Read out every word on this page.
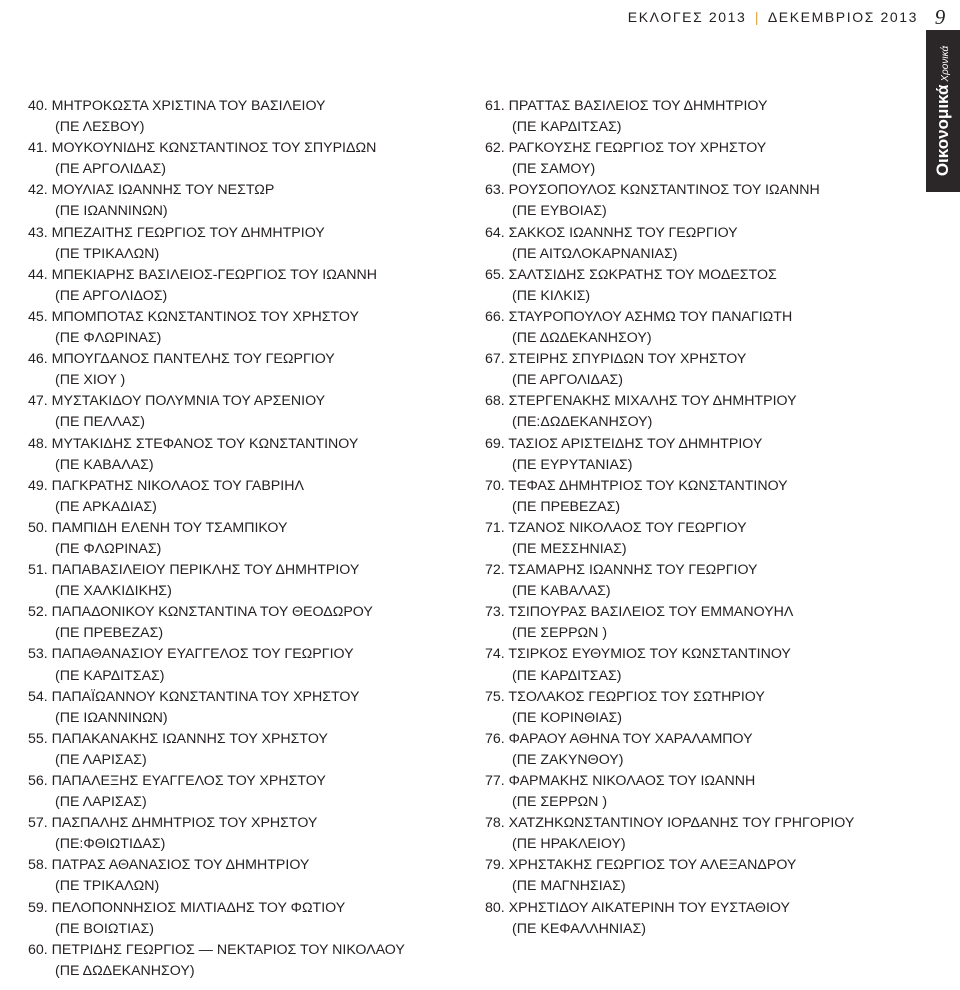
ΕΚΛΟΓΕΣ 2013 | ΔΕΚΕΜΒΡΙΟΣ 2013 9
ΟικονομικάΧρονικά
40. ΜΗΤΡΟΚΩΣΤΑ ΧΡΙΣΤΙΝΑ ΤΟΥ ΒΑΣΙΛΕΙΟΥ
(ΠΕ ΛΕΣΒΟΥ)
41. ΜΟΥΚΟΥΝΙΔΗΣ ΚΩΝΣΤΑΝΤΙΝΟΣ ΤΟΥ ΣΠΥΡΙΔΩΝ
(ΠΕ ΑΡΓΟΛΙΔΑΣ)
42. ΜΟΥΛΙΑΣ ΙΩΑΝΝΗΣ ΤΟΥ ΝΕΣΤΩΡ
(ΠΕ ΙΩΑΝΝΙΝΩΝ)
43. ΜΠΕΖΑΙΤΗΣ ΓΕΩΡΓΙΟΣ ΤΟΥ ΔΗΜΗΤΡΙΟΥ
(ΠΕ ΤΡΙΚΑΛΩΝ)
44. ΜΠΕΚΙΑΡΗΣ ΒΑΣΙΛΕΙΟΣ-ΓΕΩΡΓΙΟΣ ΤΟΥ ΙΩΑΝΝΗ
(ΠΕ ΑΡΓΟΛΙΔΟΣ)
45. ΜΠΟΜΠΟΤΑΣ ΚΩΝΣΤΑΝΤΙΝΟΣ ΤΟΥ ΧΡΗΣΤΟΥ
(ΠΕ ΦΛΩΡΙΝΑΣ)
46. ΜΠΟΥΓΔΑΝΟΣ ΠΑΝΤΕΛΗΣ ΤΟΥ ΓΕΩΡΓΙΟΥ
(ΠΕ ΧΙΟΥ )
47. ΜΥΣΤΑΚΙΔΟΥ ΠΟΛΥΜΝΙΑ ΤΟΥ ΑΡΣΕΝΙΟΥ
(ΠΕ ΠΕΛΛΑΣ)
48. ΜΥΤΑΚΙΔΗΣ ΣΤΕΦΑΝΟΣ ΤΟΥ ΚΩΝΣΤΑΝΤΙΝΟΥ
(ΠΕ ΚΑΒΑΛΑΣ)
49. ΠΑΓΚΡΑΤΗΣ ΝΙΚΟΛΑΟΣ ΤΟΥ ΓΑΒΡΙΗΛ
(ΠΕ ΑΡΚΑΔΙΑΣ)
50. ΠΑΜΠΙΔΗ ΕΛΕΝΗ ΤΟΥ ΤΣΑΜΠΙΚΟΥ
(ΠΕ ΦΛΩΡΙΝΑΣ)
51. ΠΑΠΑΒΑΣΙΛΕΙΟΥ ΠΕΡΙΚΛΗΣ ΤΟΥ ΔΗΜΗΤΡΙΟΥ
(ΠΕ ΧΑΛΚΙΔΙΚΗΣ)
52. ΠΑΠΑΔΟΝΙΚΟΥ ΚΩΝΣΤΑΝΤΙΝΑ ΤΟΥ ΘΕΟΔΩΡΟΥ
(ΠΕ ΠΡΕΒΕΖΑΣ)
53. ΠΑΠΑΘΑΝΑΣΙΟΥ ΕΥΑΓΓΕΛΟΣ ΤΟΥ ΓΕΩΡΓΙΟΥ
(ΠΕ ΚΑΡΔΙΤΣΑΣ)
54. ΠΑΠΑΪΩΑΝΝΟΥ ΚΩΝΣΤΑΝΤΙΝΑ ΤΟΥ ΧΡΗΣΤΟΥ
(ΠΕ ΙΩΑΝΝΙΝΩΝ)
55. ΠΑΠΑΚΑΝΑΚΗΣ ΙΩΑΝΝΗΣ ΤΟΥ ΧΡΗΣΤΟΥ
(ΠΕ ΛΑΡΙΣΑΣ)
56. ΠΑΠΑΛΕΞΗΣ ΕΥΑΓΓΕΛΟΣ ΤΟΥ ΧΡΗΣΤΟΥ
(ΠΕ ΛΑΡΙΣΑΣ)
57. ΠΑΣΠΑΛΗΣ ΔΗΜΗΤΡΙΟΣ ΤΟΥ ΧΡΗΣΤΟΥ
(ΠΕ:ΦΘΙΩΤΙΔΑΣ)
58. ΠΑΤΡΑΣ ΑΘΑΝΑΣΙΟΣ ΤΟΥ ΔΗΜΗΤΡΙΟΥ
(ΠΕ ΤΡΙΚΑΛΩΝ)
59. ΠΕΛΟΠΟΝΝΗΣΙΟΣ ΜΙΛΤΙΑΔΗΣ ΤΟΥ ΦΩΤΙΟΥ
(ΠΕ ΒΟΙΩΤΙΑΣ)
60. ΠΕΤΡΙΔΗΣ ΓΕΩΡΓΙΟΣ — ΝΕΚΤΑΡΙΟΣ ΤΟΥ ΝΙΚΟΛΑΟΥ
(ΠΕ ΔΩΔΕΚΑΝΗΣΟΥ)
61. ΠΡΑΤΤΑΣ ΒΑΣΙΛΕΙΟΣ ΤΟΥ ΔΗΜΗΤΡΙΟΥ
(ΠΕ ΚΑΡΔΙΤΣΑΣ)
62. ΡΑΓΚΟΥΣΗΣ ΓΕΩΡΓΙΟΣ ΤΟΥ ΧΡΗΣΤΟΥ
(ΠΕ ΣΑΜΟΥ)
63. ΡΟΥΣΟΠΟΥΛΟΣ ΚΩΝΣΤΑΝΤΙΝΟΣ ΤΟΥ ΙΩΑΝΝΗ
(ΠΕ ΕΥΒΟΙΑΣ)
64. ΣΑΚΚΟΣ ΙΩΑΝΝΗΣ ΤΟΥ ΓΕΩΡΓΙΟΥ
(ΠΕ ΑΙΤΩΛΟΚΑΡΝΑΝΙΑΣ)
65. ΣΑΛΤΣΙΔΗΣ ΣΩΚΡΑΤΗΣ ΤΟΥ ΜΟΔΕΣΤΟΣ
(ΠΕ ΚΙΛΚΙΣ)
66. ΣΤΑΥΡΟΠΟΥΛΟΥ ΑΣΗΜΩ ΤΟΥ ΠΑΝΑΓΙΩΤΗ
(ΠΕ ΔΩΔΕΚΑΝΗΣΟΥ)
67. ΣΤΕΙΡΗΣ ΣΠΥΡΙΔΩΝ ΤΟΥ ΧΡΗΣΤΟΥ
(ΠΕ ΑΡΓΟΛΙΔΑΣ)
68. ΣΤΕΡΓΕΝΑΚΗΣ ΜΙΧΑΛΗΣ ΤΟΥ ΔΗΜΗΤΡΙΟΥ
(ΠΕ:ΔΩΔΕΚΑΝΗΣΟΥ)
69. ΤΑΣΙΟΣ ΑΡΙΣΤΕΙΔΗΣ ΤΟΥ ΔΗΜΗΤΡΙΟΥ
(ΠΕ ΕΥΡΥΤΑΝΙΑΣ)
70. ΤΕΦΑΣ ΔΗΜΗΤΡΙΟΣ ΤΟΥ ΚΩΝΣΤΑΝΤΙΝΟΥ
(ΠΕ ΠΡΕΒΕΖΑΣ)
71. ΤΖΑΝΟΣ ΝΙΚΟΛΑΟΣ ΤΟΥ ΓΕΩΡΓΙΟΥ
(ΠΕ ΜΕΣΣΗΝΙΑΣ)
72. ΤΣΑΜΑΡΗΣ ΙΩΑΝΝΗΣ ΤΟΥ ΓΕΩΡΓΙΟΥ
(ΠΕ ΚΑΒΑΛΑΣ)
73. ΤΣΙΠΟΥΡΑΣ ΒΑΣΙΛΕΙΟΣ ΤΟΥ ΕΜΜΑΝΟΥΗΛ
(ΠΕ ΣΕΡΡΩΝ )
74. ΤΣΙΡΚΟΣ ΕΥΘΥΜΙΟΣ ΤΟΥ ΚΩΝΣΤΑΝΤΙΝΟΥ
(ΠΕ ΚΑΡΔΙΤΣΑΣ)
75. ΤΣΟΛΑΚΟΣ ΓΕΩΡΓΙΟΣ ΤΟΥ ΣΩΤΗΡΙΟΥ
(ΠΕ ΚΟΡΙΝΘΙΑΣ)
76. ΦΑΡΑΟΥ ΑΘΗΝΑ ΤΟΥ ΧΑΡΑΛΑΜΠΟΥ
(ΠΕ ΖΑΚΥΝΘΟΥ)
77. ΦΑΡΜΑΚΗΣ ΝΙΚΟΛΑΟΣ ΤΟΥ ΙΩΑΝΝΗ
(ΠΕ ΣΕΡΡΩΝ )
78. ΧΑΤΖΗΚΩΝΣΤΑΝΤΙΝΟΥ ΙΟΡΔΑΝΗΣ ΤΟΥ ΓΡΗΓΟΡΙΟΥ
(ΠΕ ΗΡΑΚΛΕΙΟΥ)
79. ΧΡΗΣΤΑΚΗΣ ΓΕΩΡΓΙΟΣ ΤΟΥ ΑΛΕΞΑΝΔΡΟΥ
(ΠΕ ΜΑΓΝΗΣΙΑΣ)
80. ΧΡΗΣΤΙΔΟΥ ΑΙΚΑΤΕΡΙΝΗ ΤΟΥ ΕΥΣΤΑΘΙΟΥ
(ΠΕ ΚΕΦΑΛΛΗΝΙΑΣ)
